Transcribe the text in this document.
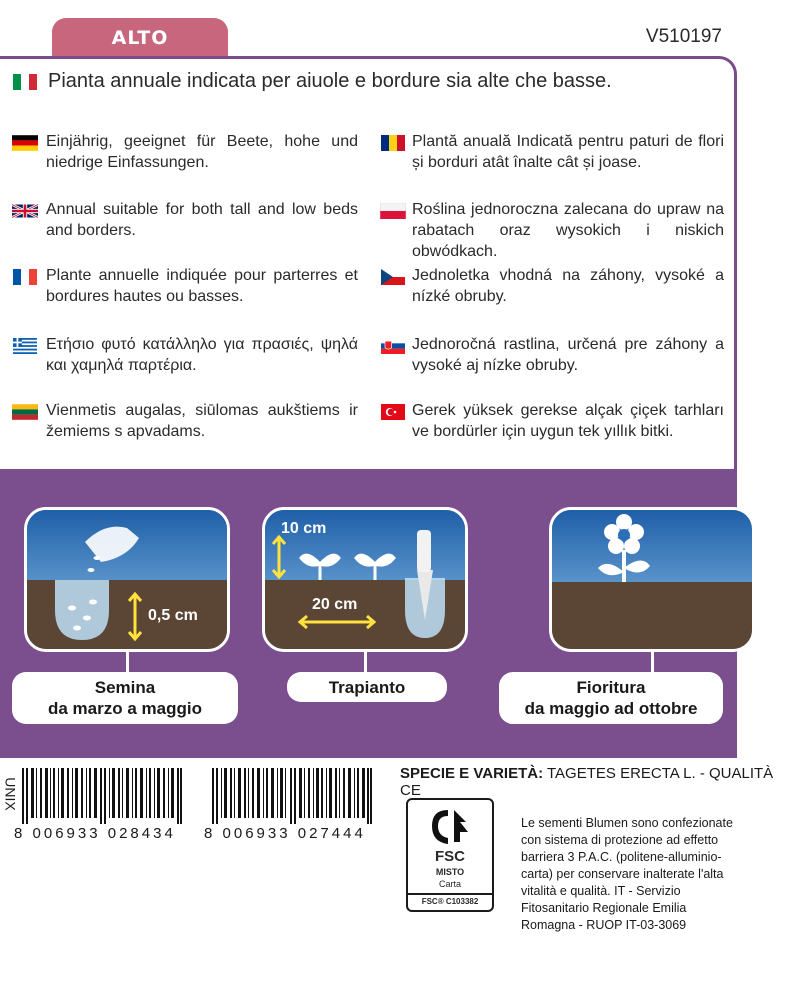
ALTO	V510197
Pianta annuale indicata per aiuole e bordure sia alte che basse.
Einjährig, geeignet für Beete, hohe und niedrige Einfassungen.
Annual suitable for both tall and low beds and borders.
Plante annuelle indiquée pour parterres et bordures hautes ou basses.
Ετήσιο φυτό κατάλληλο για πρασιές, ψηλά και χαμηλά παρτέρια.
Vienmetis augalas, siūlomas aukštiems ir žemiems s apvadams.
Plantă anuală Indicată pentru paturi de flori și borduri atât înalte cât și joase.
Roślina jednoroczna zalecana do upraw na rabatach oraz wysokich i niskich obwódkach.
Jednoletka vhodná na záhony, vysoké a nízké obruby.
Jednoročná rastlina, určená pre záhony a vysoké aj nízke obruby.
Gerek yüksek gerekse alçak çiçek tarhları ve bordürler için uygun tek yıllık bitki.
0,5 cm
10 cm
20 cm
Semina
da marzo a maggio
Trapianto	Fioritura
da maggio ad ottobre
UNIX
8 006933 028434 8 006933 027444
SPECIE E VARIETÀ: TAGETES ERECTA L. - QUALITÀ CE
FSC
MISTO
Carta
FSC® C103382
Le sementi Blumen sono confezionate con sistema di protezione ad effetto barriera 3 P.A.C. (politene-alluminio-carta) per conservare inalterate l'alta vitalità e qualità. IT - Servizio Fitosanitario Regionale Emilia Romagna - RUOP IT-03-3069
